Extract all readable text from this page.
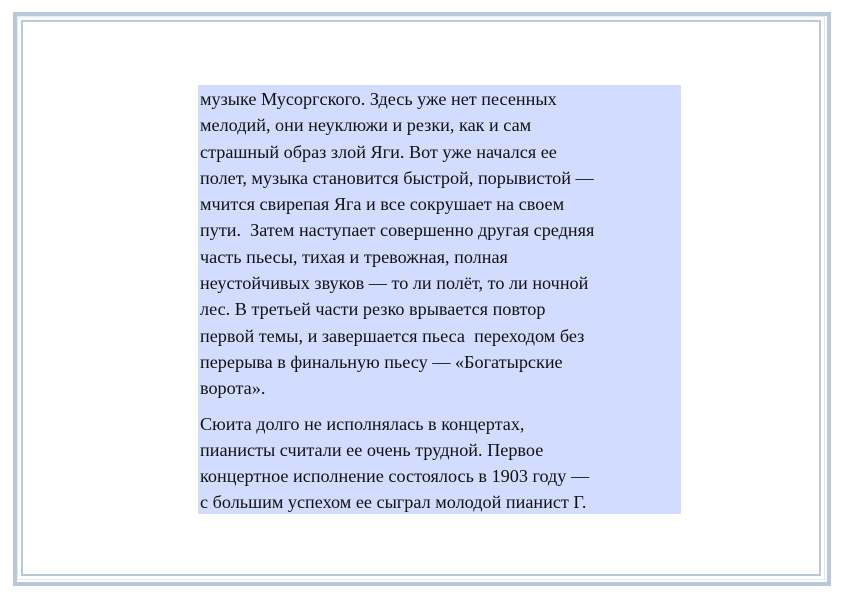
музыке Мусоргского. Здесь уже нет песенных
мелодий, они неуклюжи и резки, как и сам
страшный образ злой Яги. Вот уже начался ее
полет, музыка становится быстрой, порывистой —
мчится свирепая Яга и все сокрушает на своем
пути.  Затем наступает совершенно другая средняя
часть пьесы, тихая и тревожная, полная
неустойчивых звуков — то ли полёт, то ли ночной
лес. В третьей части резко врывается повтор
первой темы, и завершается пьеса  переходом без
перерыва в финальную пьесу — «Богатырские
ворота».

Сюита долго не исполнялась в концертах,
пианисты считали ее очень трудной. Первое
концертное исполнение состоялось в 1903 году —
с большим успехом ее сыграл молодой пианист Г.
